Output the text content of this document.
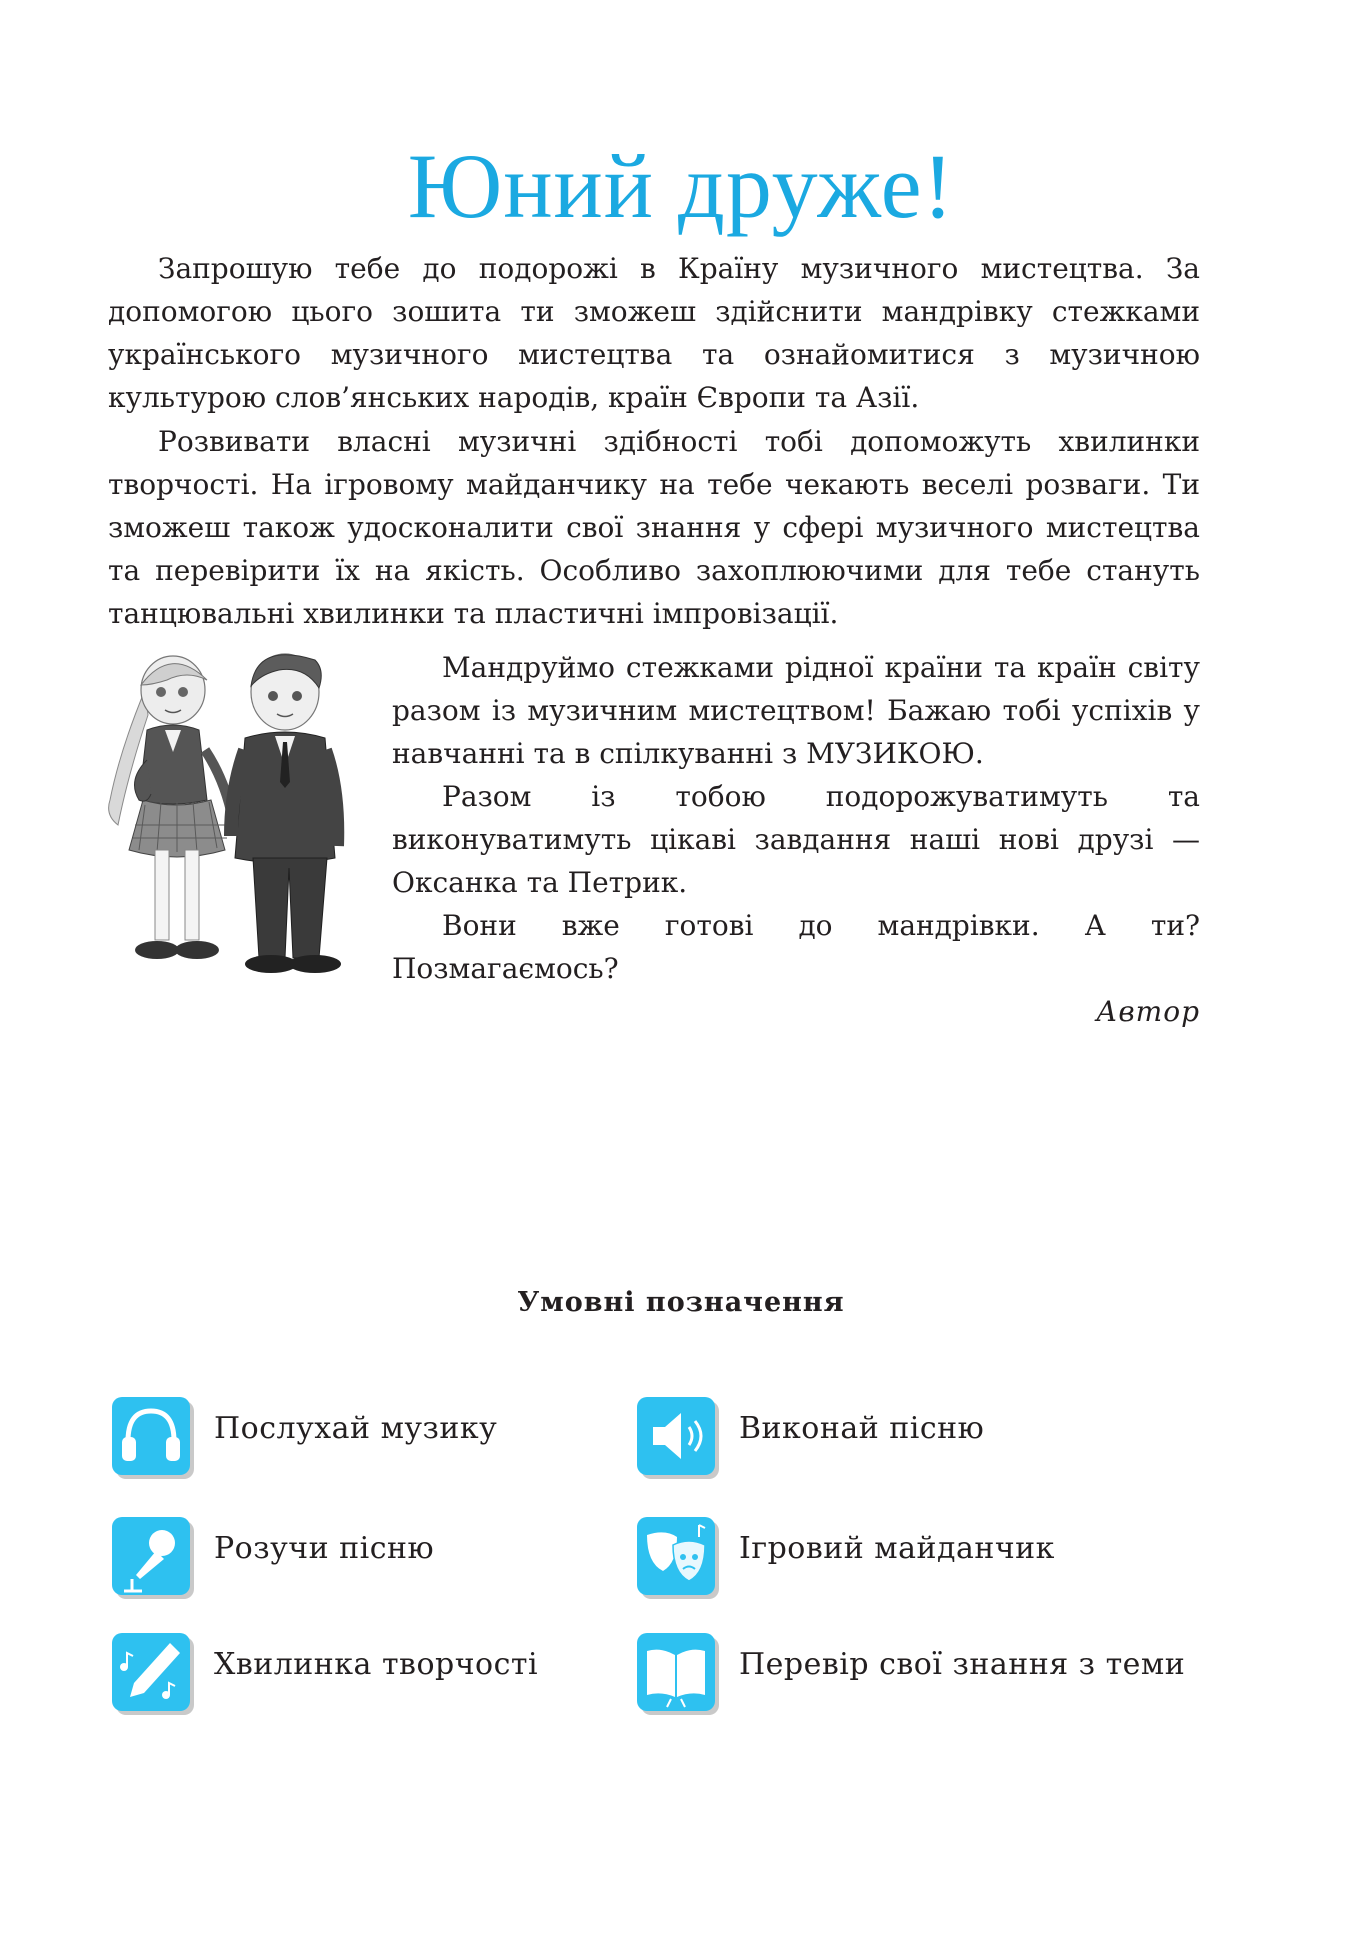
Юний друже!

Запрошую тебе до подорожі в Країну музичного мистецтва. За допомогою цього зошита ти зможеш здійснити мандрівку стежками українського музичного мистецтва та ознайомитися з музичною культурою слов’янських народів, країн Європи та Азії.

Розвивати власні музичні здібності тобі допоможуть хвилинки творчості. На ігровому майданчику на тебе чекають веселі розваги. Ти зможеш також удосконалити свої знання у сфері музичного мистецтва та перевірити їх на якість. Особливо захоплюючими для тебе стануть танцювальні хвилинки та пластичні імпровізації.

Мандруймо стежками рідної країни та країн світу разом із музичним мистецтвом! Бажаю тобі успіхів у навчанні та в спілкуванні з МУЗИКОЮ.

Разом із тобою подорожуватимуть та виконуватимуть цікаві завдання наші нові друзі — Оксанка та Петрик.

Вони вже готові до мандрівки. А ти? Позмагаємось?

Автор
Умовні позначення
Послухай музику	Виконай пісню
Розучи пісню	Ігровий майданчик
Хвилинка творчості	Перевір свої знання з теми
